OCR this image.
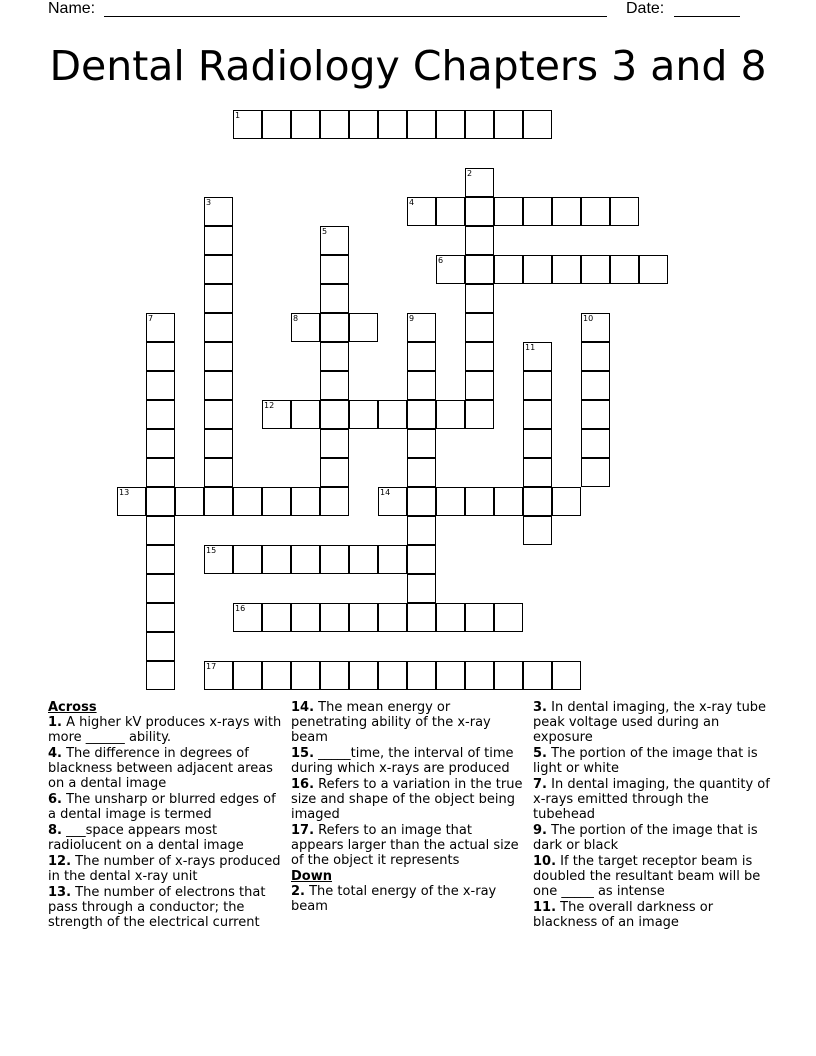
Name:	Date:
Dental Radiology Chapters 3 and 8
1
4
6
8
12
13	14
15
16
17
2
3
5
7	9	10
11
Across
1. A higher kV produces x-rays with more ______ ability.
4. The difference in degrees of blackness between adjacent areas on a dental image
6. The unsharp or blurred edges of a dental image is termed
8. ___space appears most radiolucent on a dental image
12. The number of x-rays produced in the dental x-ray unit
13. The number of electrons that pass through a conductor; the strength of the electrical current
14. The mean energy or penetrating ability of the x-ray beam
15. _____time, the interval of time during which x-rays are produced
16. Refers to a variation in the true size and shape of the object being imaged
17. Refers to an image that appears larger than the actual size of the object it represents
Down
2. The total energy of the x-ray beam
3. In dental imaging, the x-ray tube peak voltage used during an exposure
5. The portion of the image that is light or white
7. In dental imaging, the quantity of x-rays emitted through the tubehead
9. The portion of the image that is dark or black
10. If the target receptor beam is doubled the resultant beam will be one _____ as intense
11. The overall darkness or blackness of an image
